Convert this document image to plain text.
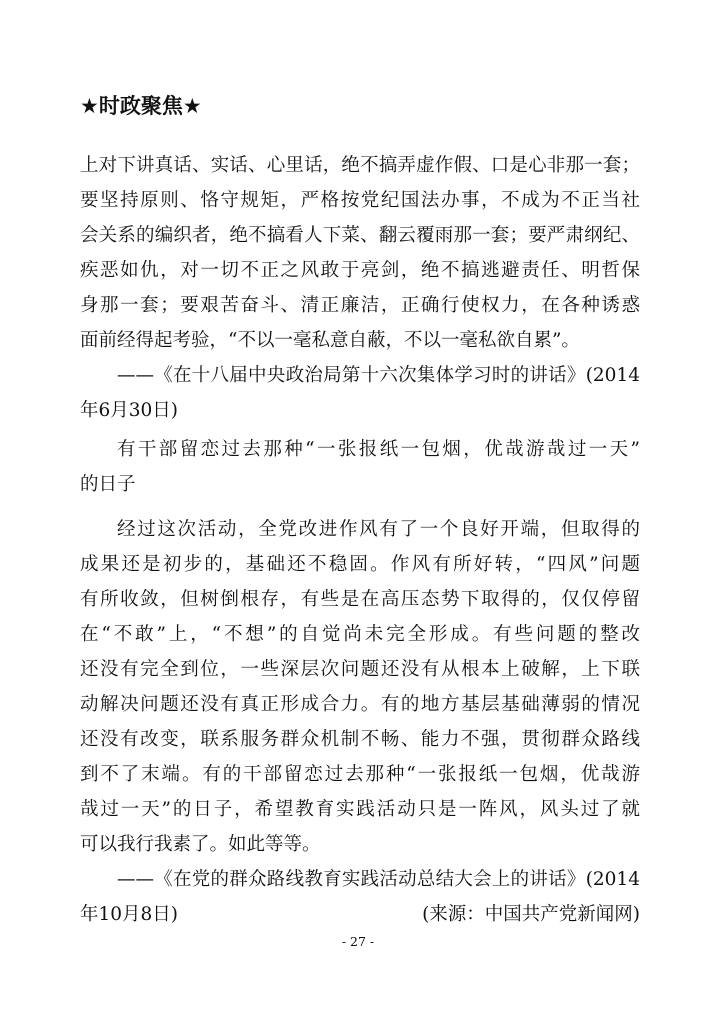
★时政聚焦★
上对下讲真话、实话、心里话，绝不搞弄虚作假、口是心非那一套；
要坚持原则、恪守规矩，严格按党纪国法办事，不成为不正当社
会关系的编织者，绝不搞看人下菜、翻云覆雨那一套；要严肃纲纪、
疾恶如仇，对一切不正之风敢于亮剑，绝不搞逃避责任、明哲保
身那一套；要艰苦奋斗、清正廉洁，正确行使权力，在各种诱惑
面前经得起考验，“不以一毫私意自蔽，不以一毫私欲自累”。
——《在十八届中央政治局第十六次集体学习时的讲话》(2014
年6月30日)
有干部留恋过去那种“一张报纸一包烟，优哉游哉过一天”
的日子
经过这次活动，全党改进作风有了一个良好开端，但取得的
成果还是初步的，基础还不稳固。作风有所好转，“四风”问题
有所收敛，但树倒根存，有些是在高压态势下取得的，仅仅停留
在“不敢”上，“不想”的自觉尚未完全形成。有些问题的整改
还没有完全到位，一些深层次问题还没有从根本上破解，上下联
动解决问题还没有真正形成合力。有的地方基层基础薄弱的情况
还没有改变，联系服务群众机制不畅、能力不强，贯彻群众路线
到不了末端。有的干部留恋过去那种“一张报纸一包烟，优哉游
哉过一天”的日子，希望教育实践活动只是一阵风，风头过了就
可以我行我素了。如此等等。
——《在党的群众路线教育实践活动总结大会上的讲话》(2014
年10月8日)	(来源：中国共产党新闻网)
- 27 -
